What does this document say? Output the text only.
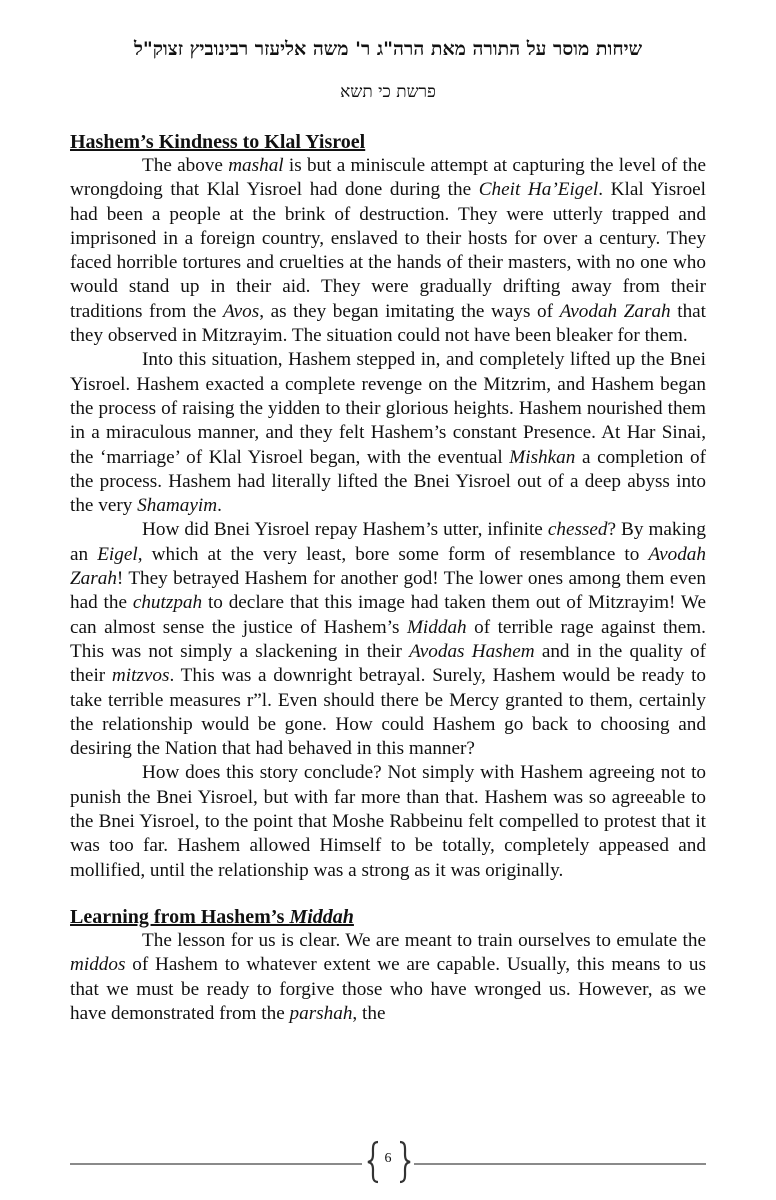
שיחות מוסר על התורה מאת הרה"ג ר' משה אליעזר רבינוביץ זצוק"ל
פרשת כי תשא
Hashem’s Kindness to Klal Yisroel

The above mashal is but a miniscule attempt at capturing the level of the wrongdoing that Klal Yisroel had done during the Cheit Ha’Eigel. Klal Yisroel had been a people at the brink of destruction. They were utterly trapped and imprisoned in a foreign country, enslaved to their hosts for over a century. They faced horrible tortures and cruelties at the hands of their masters, with no one who would stand up in their aid. They were gradually drifting away from their traditions from the Avos, as they began imitating the ways of Avodah Zarah that they observed in Mitzrayim. The situation could not have been bleaker for them.

Into this situation, Hashem stepped in, and completely lifted up the Bnei Yisroel. Hashem exacted a complete revenge on the Mitzrim, and Hashem began the process of raising the yidden to their glorious heights. Hashem nourished them in a miraculous manner, and they felt Hashem’s constant Presence. At Har Sinai, the ‘marriage’ of Klal Yisroel began, with the eventual Mishkan a completion of the process. Hashem had literally lifted the Bnei Yisroel out of a deep abyss into the very Shamayim.

How did Bnei Yisroel repay Hashem’s utter, infinite chessed? By making an Eigel, which at the very least, bore some form of resemblance to Avodah Zarah! They betrayed Hashem for another god! The lower ones among them even had the chutzpah to declare that this image had taken them out of Mitzrayim! We can almost sense the justice of Hashem’s Middah of terrible rage against them. This was not simply a slackening in their Avodas Hashem and in the quality of their mitzvos. This was a downright betrayal. Surely, Hashem would be ready to take terrible measures r”l. Even should there be Mercy granted to them, certainly the relationship would be gone. How could Hashem go back to choosing and desiring the Nation that had behaved in this manner?

How does this story conclude? Not simply with Hashem agreeing not to punish the Bnei Yisroel, but with far more than that. Hashem was so agreeable to the Bnei Yisroel, to the point that Moshe Rabbeinu felt compelled to protest that it was too far. Hashem allowed Himself to be totally, completely appeased and mollified, until the relationship was a strong as it was originally.

Learning from Hashem’s Middah

The lesson for us is clear. We are meant to train ourselves to emulate the middos of Hashem to whatever extent we are capable. Usually, this means to us that we must be ready to forgive those who have wronged us. However, as we have demonstrated from the parshah, the

6
